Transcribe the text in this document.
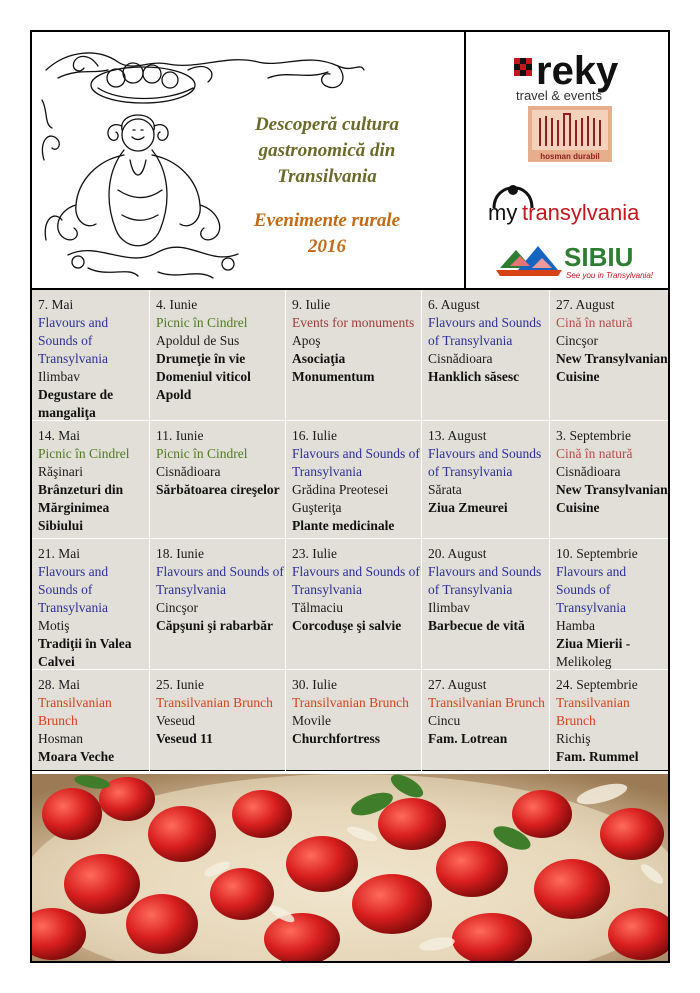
Descoperă cultura
gastronomică din
Transilvania
Evenimente rurale
2016
reky
travel & events
hosman durabil
my transylvania
SIBIU
See you in Transylvania!
7. Mai
Flavours and Sounds of Transylvania
Ilimbav
Degustare de mangaliţa
4. Iunie
Picnic în Cindrel
Apoldul de Sus
Drumeţie în vie Domeniul viticol Apold
9. Iulie
Events for monuments
Apoş
Asociaţia Monumentum
6. August
Flavours and Sounds of Transylvania
Cisnădioara
Hanklich săsesc
27. August
Cină în natură
Cincşor
New Transylvanian Cuisine
14. Mai
Picnic în Cindrel
Răşinari
Brânzeturi din Mărginimea Sibiului
11. Iunie
Picnic în Cindrel
Cisnădioara
Sărbătoarea cireşelor
16. Iulie
Flavours and Sounds of Transylvania
Grădina Preotesei Guşteriţa
Plante medicinale
13. August
Flavours and Sounds of Transylvania
Sărata
Ziua Zmeurei
3. Septembrie
Cină în natură
Cisnădioara
New Transylvanian Cuisine
21. Mai
Flavours and Sounds of Transylvania
Motiş
Tradiţii în Valea Calvei
18. Iunie
Flavours and Sounds of Transylvania
Cincşor
Căpşuni şi rabarbăr
23. Iulie
Flavours and Sounds of Transylvania
Tălmaciu
Corcoduşe şi salvie
20. August
Flavours and Sounds of Transylvania
Ilimbav
Barbecue de vită
10. Septembrie
Flavours and Sounds of Transylvania
Hamba
Ziua Mierii -
Melikoleg
28. Mai
Transilvanian Brunch
Hosman
Moara Veche
25. Iunie
Transilvanian Brunch
Veseud
Veseud 11
30. Iulie
Transilvanian Brunch
Movile
Churchfortress
27. August
Transilvanian Brunch
Cincu
Fam. Lotrean
24. Septembrie
Transilvanian Brunch
Richiş
Fam. Rummel
